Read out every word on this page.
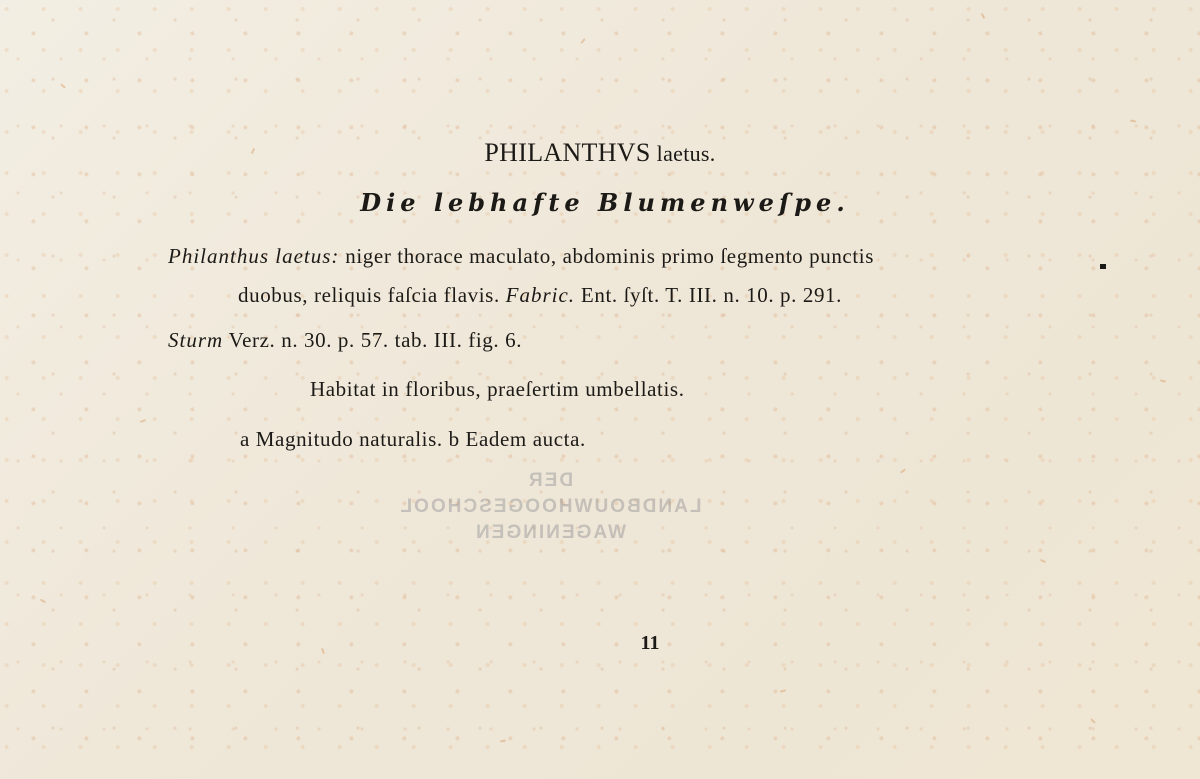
PHILANTHVS laetus.
Die lebhafte Blumenweſpe.
Philanthus laetus: niger thorace maculato, abdominis primo ſegmento punctis
duobus, reliquis faſcia flavis. Fabric. Ent. ſyſt. T. III. n. 10. p. 291.
Sturm Verz. n. 30. p. 57. tab. III. fig. 6.
Habitat in floribus, praeſertim umbellatis.
a Magnitudo naturalis. b Eadem aucta.
DER
LANDBOUWHOOGESCHOOL
WAGENINGEN
11
